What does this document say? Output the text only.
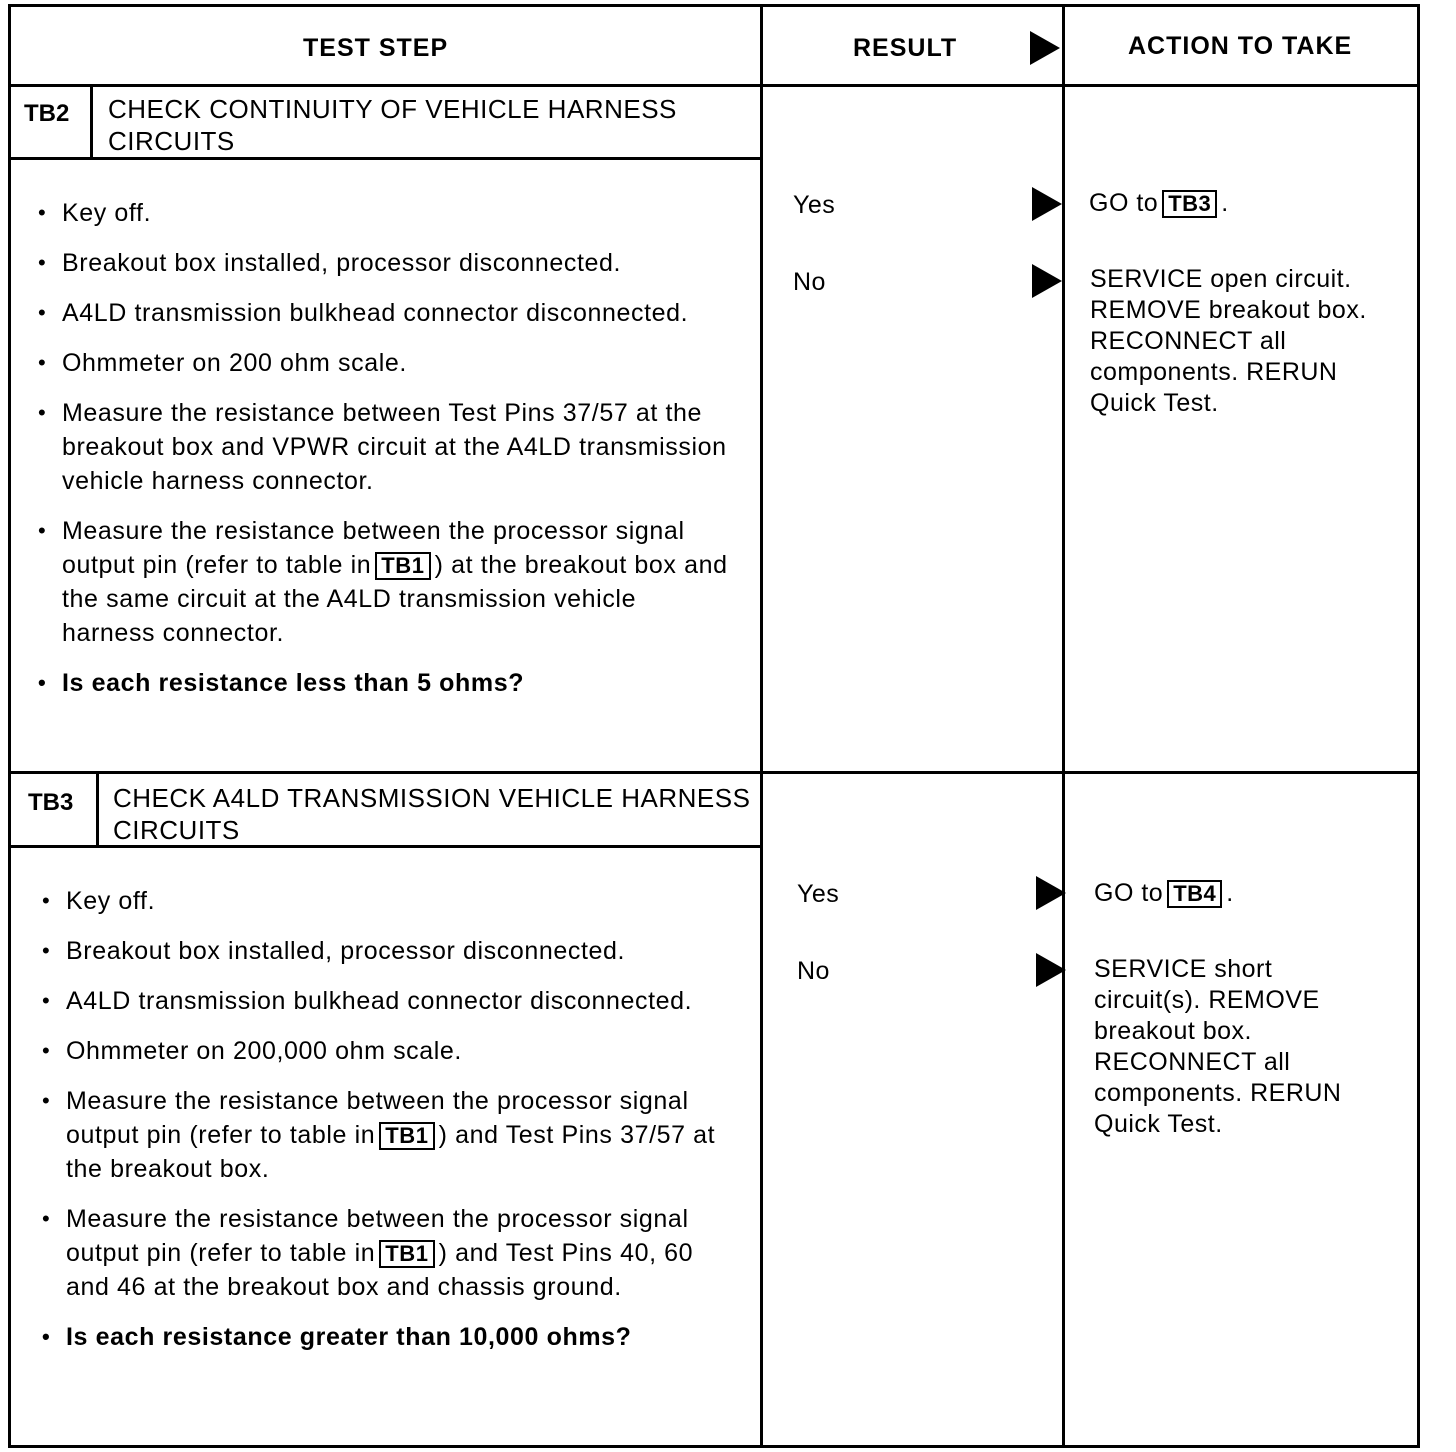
TEST STEP	RESULT	ACTION TO TAKE
TB2 CHECK CONTINUITY OF VEHICLE HARNESS CIRCUITS
• Key off.
• Breakout box installed, processor disconnected.
• A4LD transmission bulkhead connector disconnected.
• Ohmmeter on 200 ohm scale.
• Measure the resistance between Test Pins 37/57 at the breakout box and VPWR circuit at the A4LD transmission vehicle harness connector.
• Measure the resistance between the processor signal output pin (refer to table in TB1 ) at the breakout box and the same circuit at the A4LD transmission vehicle harness connector.
• Is each resistance less than 5 ohms?
Yes	GO to TB3 .
No	SERVICE open circuit. REMOVE breakout box. RECONNECT all components. RERUN Quick Test.
TB3 CHECK A4LD TRANSMISSION VEHICLE HARNESS CIRCUITS
• Key off.
• Breakout box installed, processor disconnected.
• A4LD transmission bulkhead connector disconnected.
• Ohmmeter on 200,000 ohm scale.
• Measure the resistance between the processor signal output pin (refer to table in TB1 ) and Test Pins 37/57 at the breakout box.
• Measure the resistance between the processor signal output pin (refer to table in TB1 ) and Test Pins 40, 60 and 46 at the breakout box and chassis ground.
• Is each resistance greater than 10,000 ohms?
Yes	GO to TB4 .
No	SERVICE short circuit(s). REMOVE breakout box. RECONNECT all components. RERUN Quick Test.
